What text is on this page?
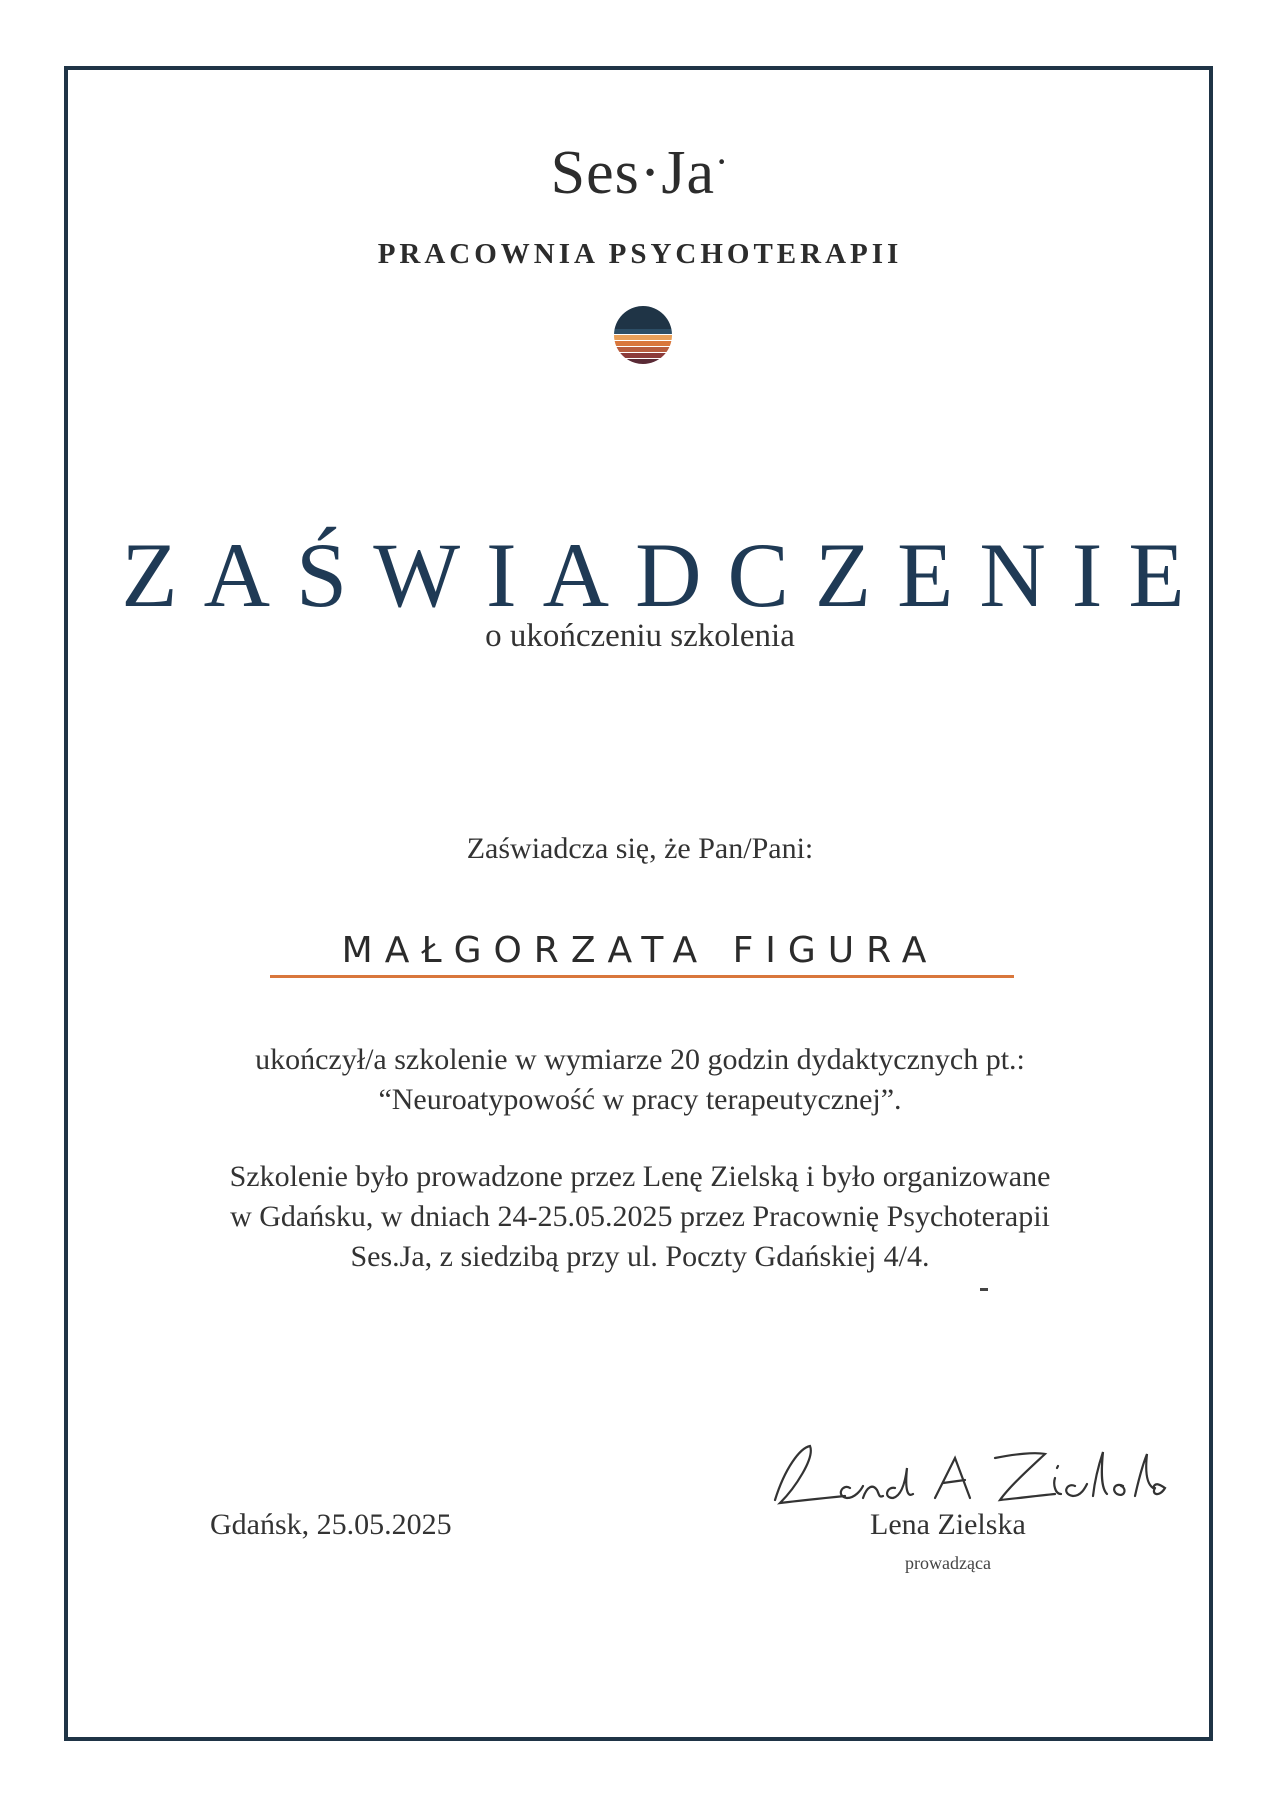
Ses·Ja·
PRACOWNIA PSYCHOTERAPII
ZAŚWIADCZENIE
o ukończeniu szkolenia
Zaświadcza się, że Pan/Pani:
MAŁGORZATA FIGURA
ukończył/a szkolenie w wymiarze 20 godzin dydaktycznych pt.:
“Neuroatypowość w pracy terapeutycznej”.
Szkolenie było prowadzone przez Lenę Zielską i było organizowane
w Gdańsku, w dniach 24-25.05.2025 przez Pracownię Psychoterapii
Ses.Ja, z siedzibą przy ul. Poczty Gdańskiej 4/4.
Gdańsk, 25.05.2025	Lena Zielska
prowadząca
